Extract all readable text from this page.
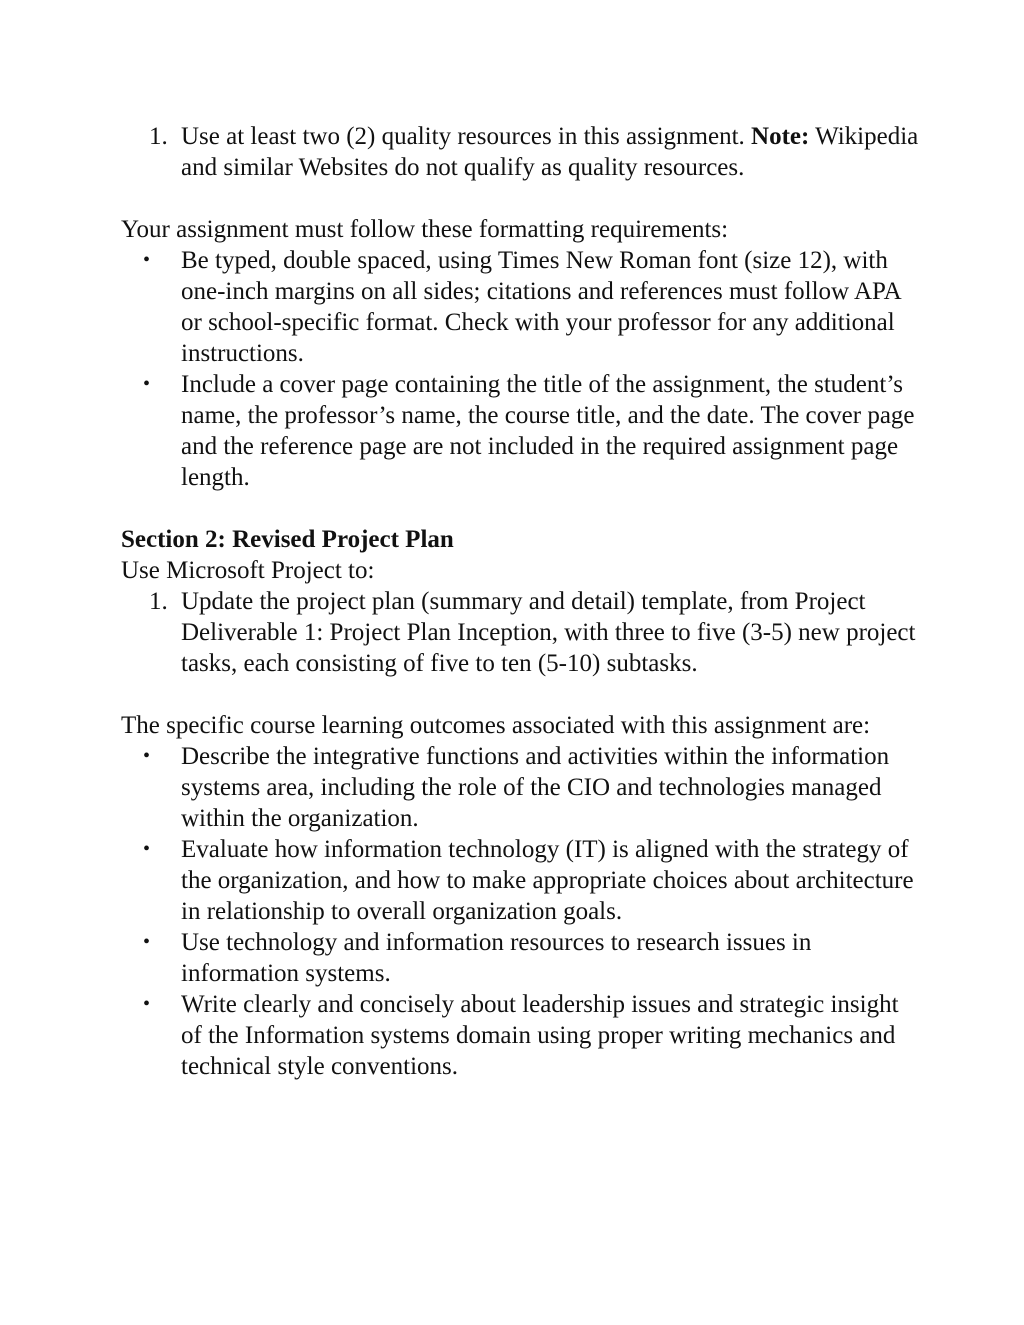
1. Use at least two (2) quality resources in this assignment. Note: Wikipedia and similar Websites do not qualify as quality resources.

Your assignment must follow these formatting requirements:

• Be typed, double spaced, using Times New Roman font (size 12), with one-inch margins on all sides; citations and references must follow APA or school-specific format. Check with your professor for any additional instructions.
• Include a cover page containing the title of the assignment, the student’s name, the professor’s name, the course title, and the date. The cover page and the reference page are not included in the required assignment page length.

Section 2: Revised Project Plan

Use Microsoft Project to:

1. Update the project plan (summary and detail) template, from Project Deliverable 1: Project Plan Inception, with three to five (3-5) new project tasks, each consisting of five to ten (5-10) subtasks.

The specific course learning outcomes associated with this assignment are:

• Describe the integrative functions and activities within the information systems area, including the role of the CIO and technologies managed within the organization.
• Evaluate how information technology (IT) is aligned with the strategy of the organization, and how to make appropriate choices about architecture in relationship to overall organization goals.
• Use technology and information resources to research issues in information systems.
• Write clearly and concisely about leadership issues and strategic insight of the Information systems domain using proper writing mechanics and technical style conventions.
